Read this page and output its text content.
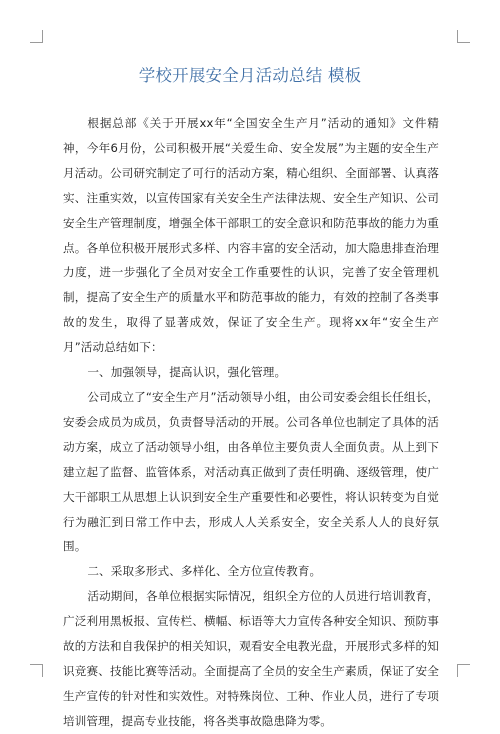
学校开展安全月活动总结 模板

根据总部《关于开展xx年“全国安全生产月”活动的通知》文件精神，今年6月份，公司积极开展“关爱生命、安全发展”为主题的安全生产月活动。公司研究制定了可行的活动方案，精心组织、全面部署、认真落实、注重实效，以宣传国家有关安全生产法律法规、安全生产知识、公司安全生产管理制度，增强全体干部职工的安全意识和防范事故的能力为重点。各单位积极开展形式多样、内容丰富的安全活动，加大隐患排查治理力度，进一步强化了全员对安全工作重要性的认识，完善了安全管理机制，提高了安全生产的质量水平和防范事故的能力，有效的控制了各类事故的发生，取得了显著成效，保证了安全生产。现将xx年“安全生产月”活动总结如下：

一、加强领导，提高认识，强化管理。

公司成立了“安全生产月”活动领导小组，由公司安委会组长任组长，安委会成员为成员，负责督导活动的开展。公司各单位也制定了具体的活动方案，成立了活动领导小组，由各单位主要负责人全面负责。从上到下建立起了监督、监管体系，对活动真正做到了责任明确、逐级管理，使广大干部职工从思想上认识到安全生产重要性和必要性，将认识转变为自觉行为融汇到日常工作中去，形成人人关系安全，安全关系人人的良好氛围。

二、采取多形式、多样化、全方位宣传教育。

活动期间，各单位根据实际情况，组织全方位的人员进行培训教育，广泛利用黑板报、宣传栏、横幅、标语等大力宣传各种安全知识、预防事故的方法和自我保护的相关知识，观看安全电教光盘，开展形式多样的知识竞赛、技能比赛等活动。全面提高了全员的安全生产素质，保证了安全生产宣传的针对性和实效性。对特殊岗位、工种、作业人员，进行了专项培训管理，提高专业技能，将各类事故隐患降为零。
